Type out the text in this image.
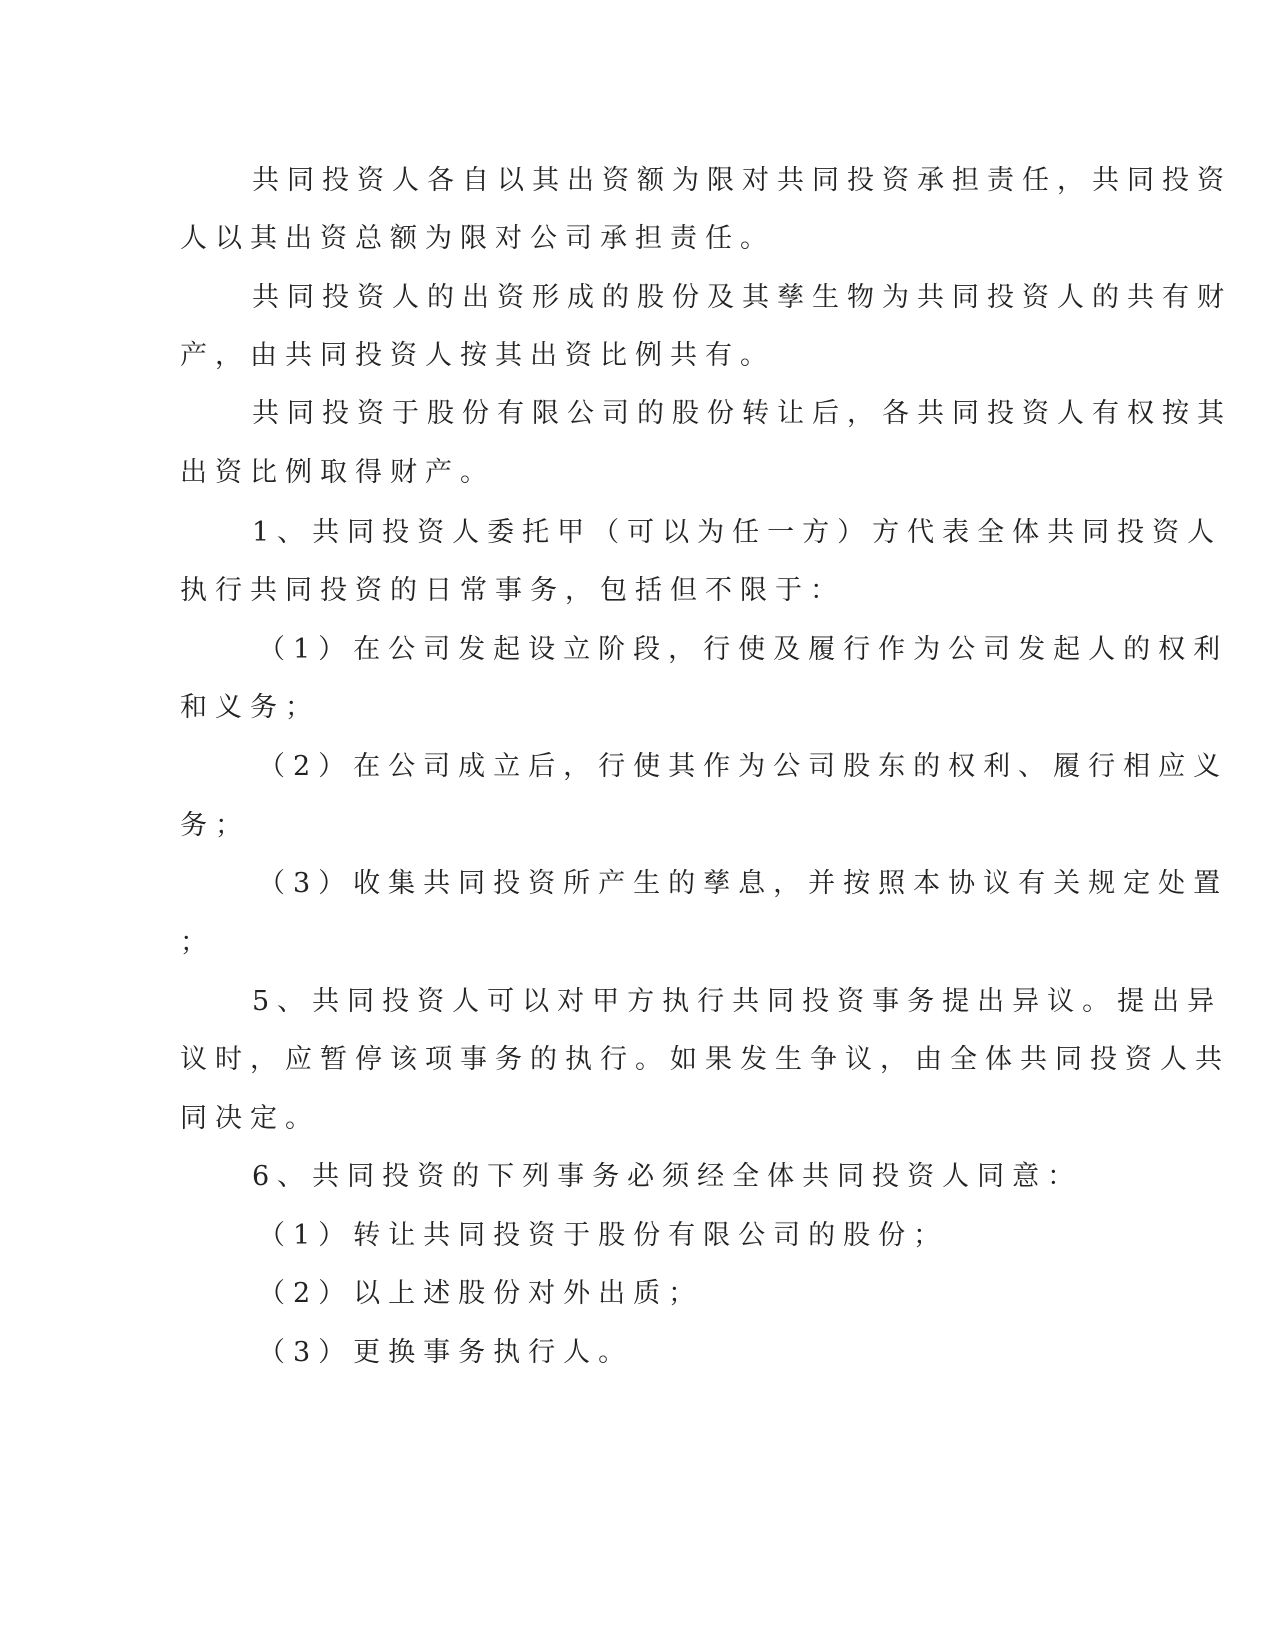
共同投资人各自以其出资额为限对共同投资承担责任，共同投资

人以其出资总额为限对公司承担责任。

共同投资人的出资形成的股份及其孳生物为共同投资人的共有财

产，由共同投资人按其出资比例共有。

共同投资于股份有限公司的股份转让后，各共同投资人有权按其

出资比例取得财产。

1、共同投资人委托甲（可以为任一方）方代表全体共同投资人

执行共同投资的日常事务，包括但不限于：

（1）在公司发起设立阶段，行使及履行作为公司发起人的权利

和义务；

（2）在公司成立后，行使其作为公司股东的权利、履行相应义

务；

（3）收集共同投资所产生的孳息，并按照本协议有关规定处置

；

5、共同投资人可以对甲方执行共同投资事务提出异议。提出异

议时，应暂停该项事务的执行。如果发生争议，由全体共同投资人共

同决定。

6、共同投资的下列事务必须经全体共同投资人同意：

（1）转让共同投资于股份有限公司的股份；

（2）以上述股份对外出质；

（3）更换事务执行人。
